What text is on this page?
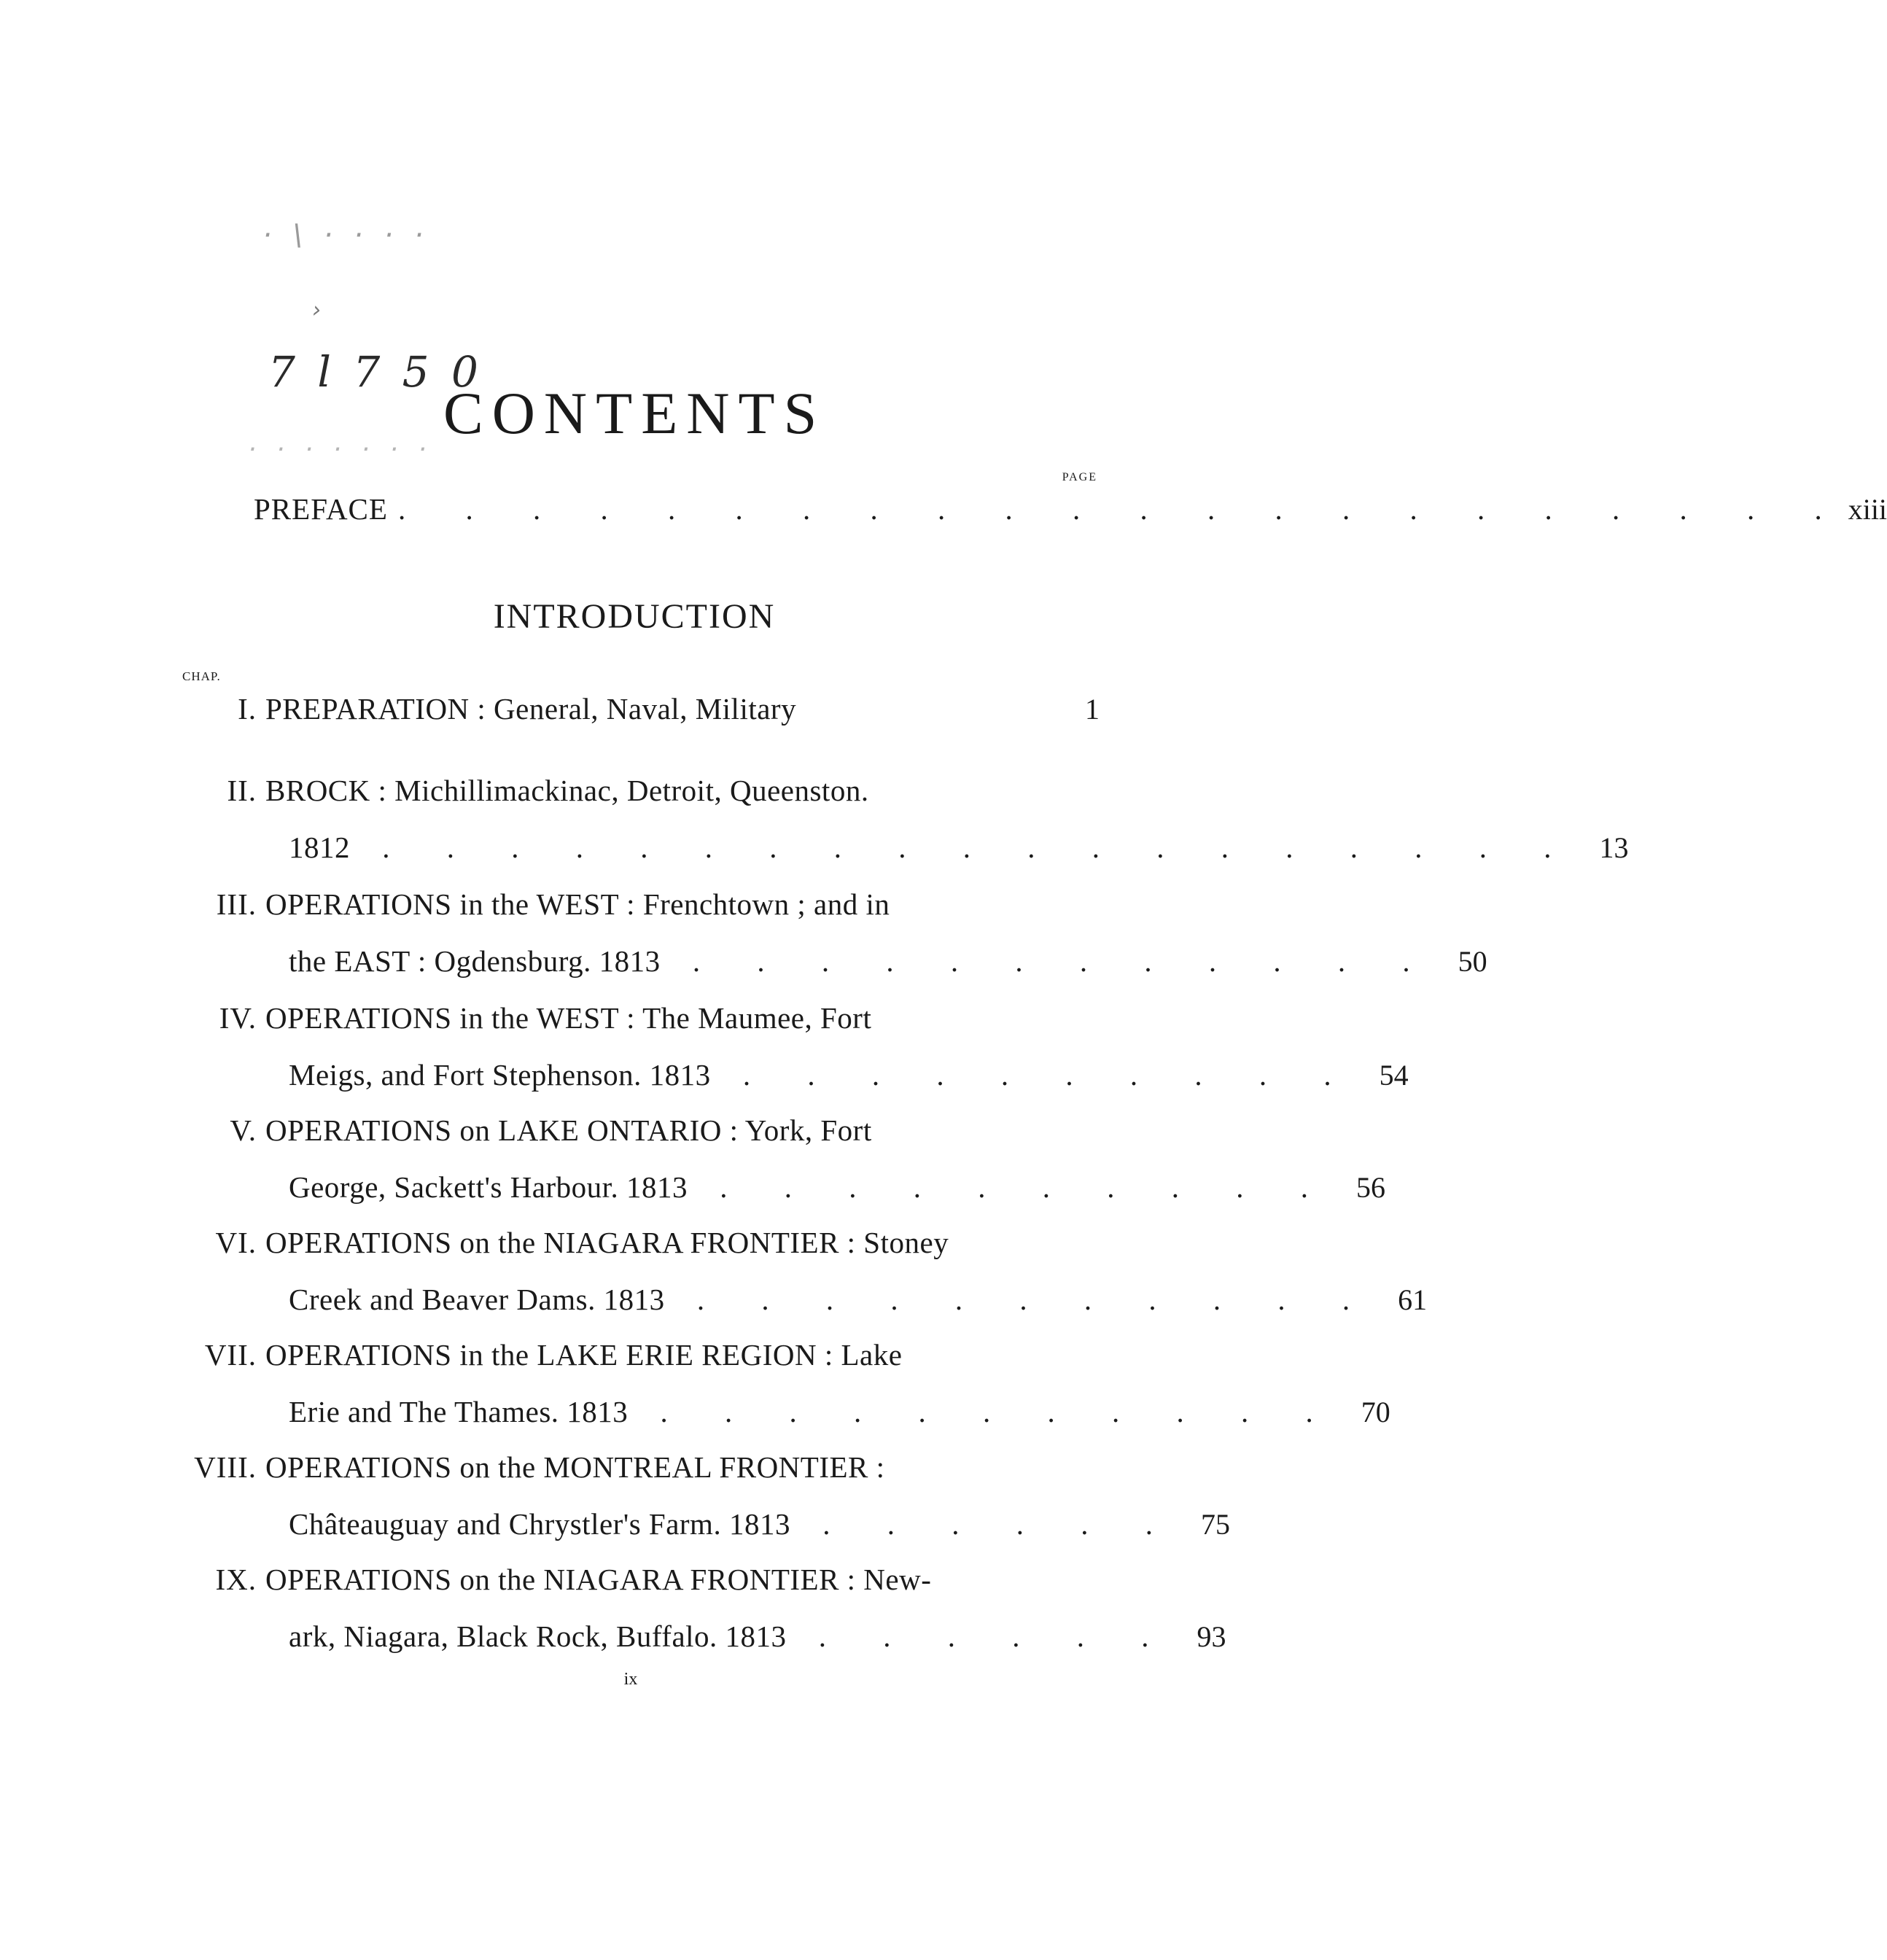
· \ · · · ·
›
7 l 7 5 0
· · · · · · ·
CONTENTS
PAGE
PREFACE . . . . . . . . . . . . . . . . . . . . . . xiii
INTRODUCTION
CHAP.
I. PREPARATION : General, Naval, Military	1
II. BROCK : Michillimackinac, Detroit, Queenston.
1812 . . . . . . . . . . . . . . . . . . . 13
III. OPERATIONS in the WEST : Frenchtown ; and in
the EAST : Ogdensburg. 1813 . . . . . . . . . . . . 50
IV. OPERATIONS in the WEST : The Maumee, Fort
Meigs, and Fort Stephenson. 1813 . . . . . . . . . . 54
V. OPERATIONS on LAKE ONTARIO : York, Fort
George, Sackett's Harbour. 1813 . . . . . . . . . . 56
VI. OPERATIONS on the NIAGARA FRONTIER : Stoney
Creek and Beaver Dams. 1813 . . . . . . . . . . . 61
VII. OPERATIONS in the LAKE ERIE REGION : Lake
Erie and The Thames. 1813 . . . . . . . . . . . 70
VIII. OPERATIONS on the MONTREAL FRONTIER :
Châteauguay and Chrystler's Farm. 1813 . . . . . . 75
IX. OPERATIONS on the NIAGARA FRONTIER : New-
ark, Niagara, Black Rock, Buffalo. 1813 . . . . . . 93
ix
